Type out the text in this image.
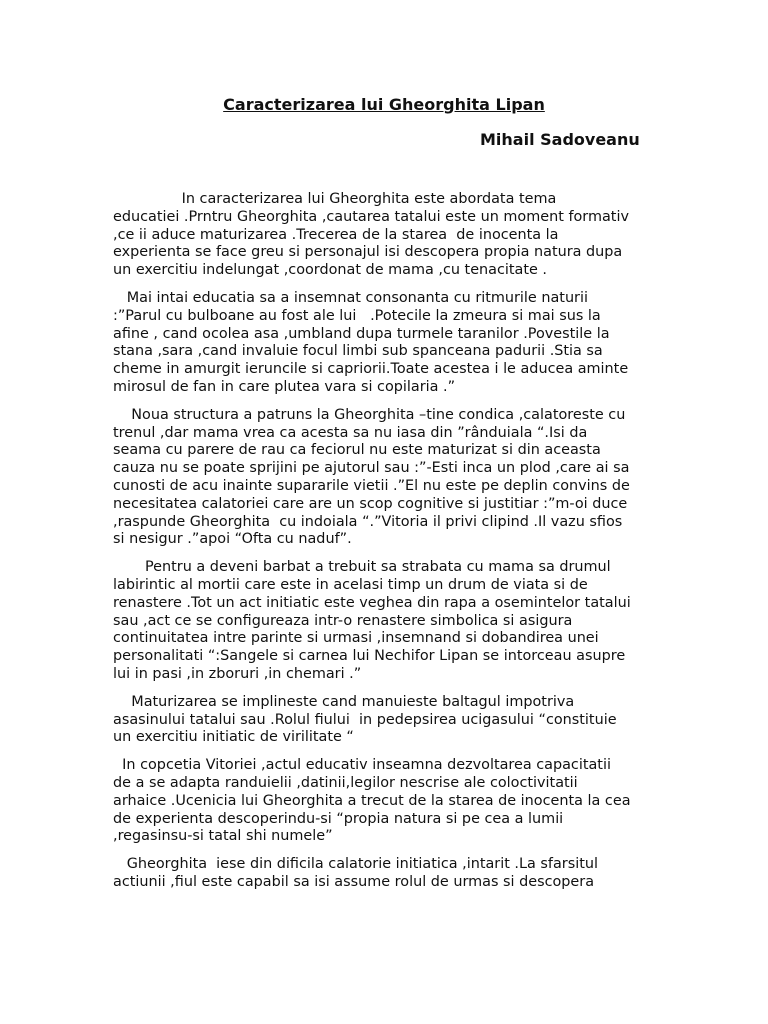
Caracterizarea lui Gheorghita Lipan
Mihail Sadoveanu

In caracterizarea lui Gheorghita este abordata tema
educatiei .Prntru Gheorghita ,cautarea tatalui este un moment formativ
,ce ii aduce maturizarea .Trecerea de la starea  de inocenta la
experienta se face greu si personajul isi descopera propia natura dupa
un exercitiu indelungat ,coordonat de mama ,cu tenacitate .

Mai intai educatia sa a insemnat consonanta cu ritmurile naturii
:”Parul cu bulboane au fost ale lui   .Potecile la zmeura si mai sus la
afine , cand ocolea asa ,umbland dupa turmele taranilor .Povestile la
stana ,sara ,cand invaluie focul limbi sub spanceana padurii .Stia sa
cheme in amurgit ieruncile si capriorii.Toate acestea i le aducea aminte
mirosul de fan in care plutea vara si copilaria .”

Noua structura a patruns la Gheorghita –tine condica ,calatoreste cu
trenul ,dar mama vrea ca acesta sa nu iasa din ”rânduiala “.Isi da
seama cu parere de rau ca feciorul nu este maturizat si din aceasta
cauza nu se poate sprijini pe ajutorul sau :”-Esti inca un plod ,care ai sa
cunosti de acu inainte supararile vietii .”El nu este pe deplin convins de
necesitatea calatoriei care are un scop cognitive si justitiar :”m-oi duce
,raspunde Gheorghita  cu indoiala “.”Vitoria il privi clipind .Il vazu sfios
si nesigur .”apoi “Ofta cu naduf”.

Pentru a deveni barbat a trebuit sa strabata cu mama sa drumul
labirintic al mortii care este in acelasi timp un drum de viata si de
renastere .Tot un act initiatic este veghea din rapa a osemintelor tatalui
sau ,act ce se configureaza intr-o renastere simbolica si asigura
continuitatea intre parinte si urmasi ,insemnand si dobandirea unei
personalitati “:Sangele si carnea lui Nechifor Lipan se intorceau asupre
lui in pasi ,in zboruri ,in chemari .”

Maturizarea se implineste cand manuieste baltagul impotriva
asasinului tatalui sau .Rolul fiului  in pedepsirea ucigasului “constituie
un exercitiu initiatic de virilitate “

In copcetia Vitoriei ,actul educativ inseamna dezvoltarea capacitatii
de a se adapta randuielii ,datinii,legilor nescrise ale coloctivitatii
arhaice .Ucenicia lui Gheorghita a trecut de la starea de inocenta la cea
de experienta descoperindu-si “propia natura si pe cea a lumii
,regasinsu-si tatal shi numele”

Gheorghita  iese din dificila calatorie initiatica ,intarit .La sfarsitul
actiunii ,fiul este capabil sa isi assume rolul de urmas si descopera
